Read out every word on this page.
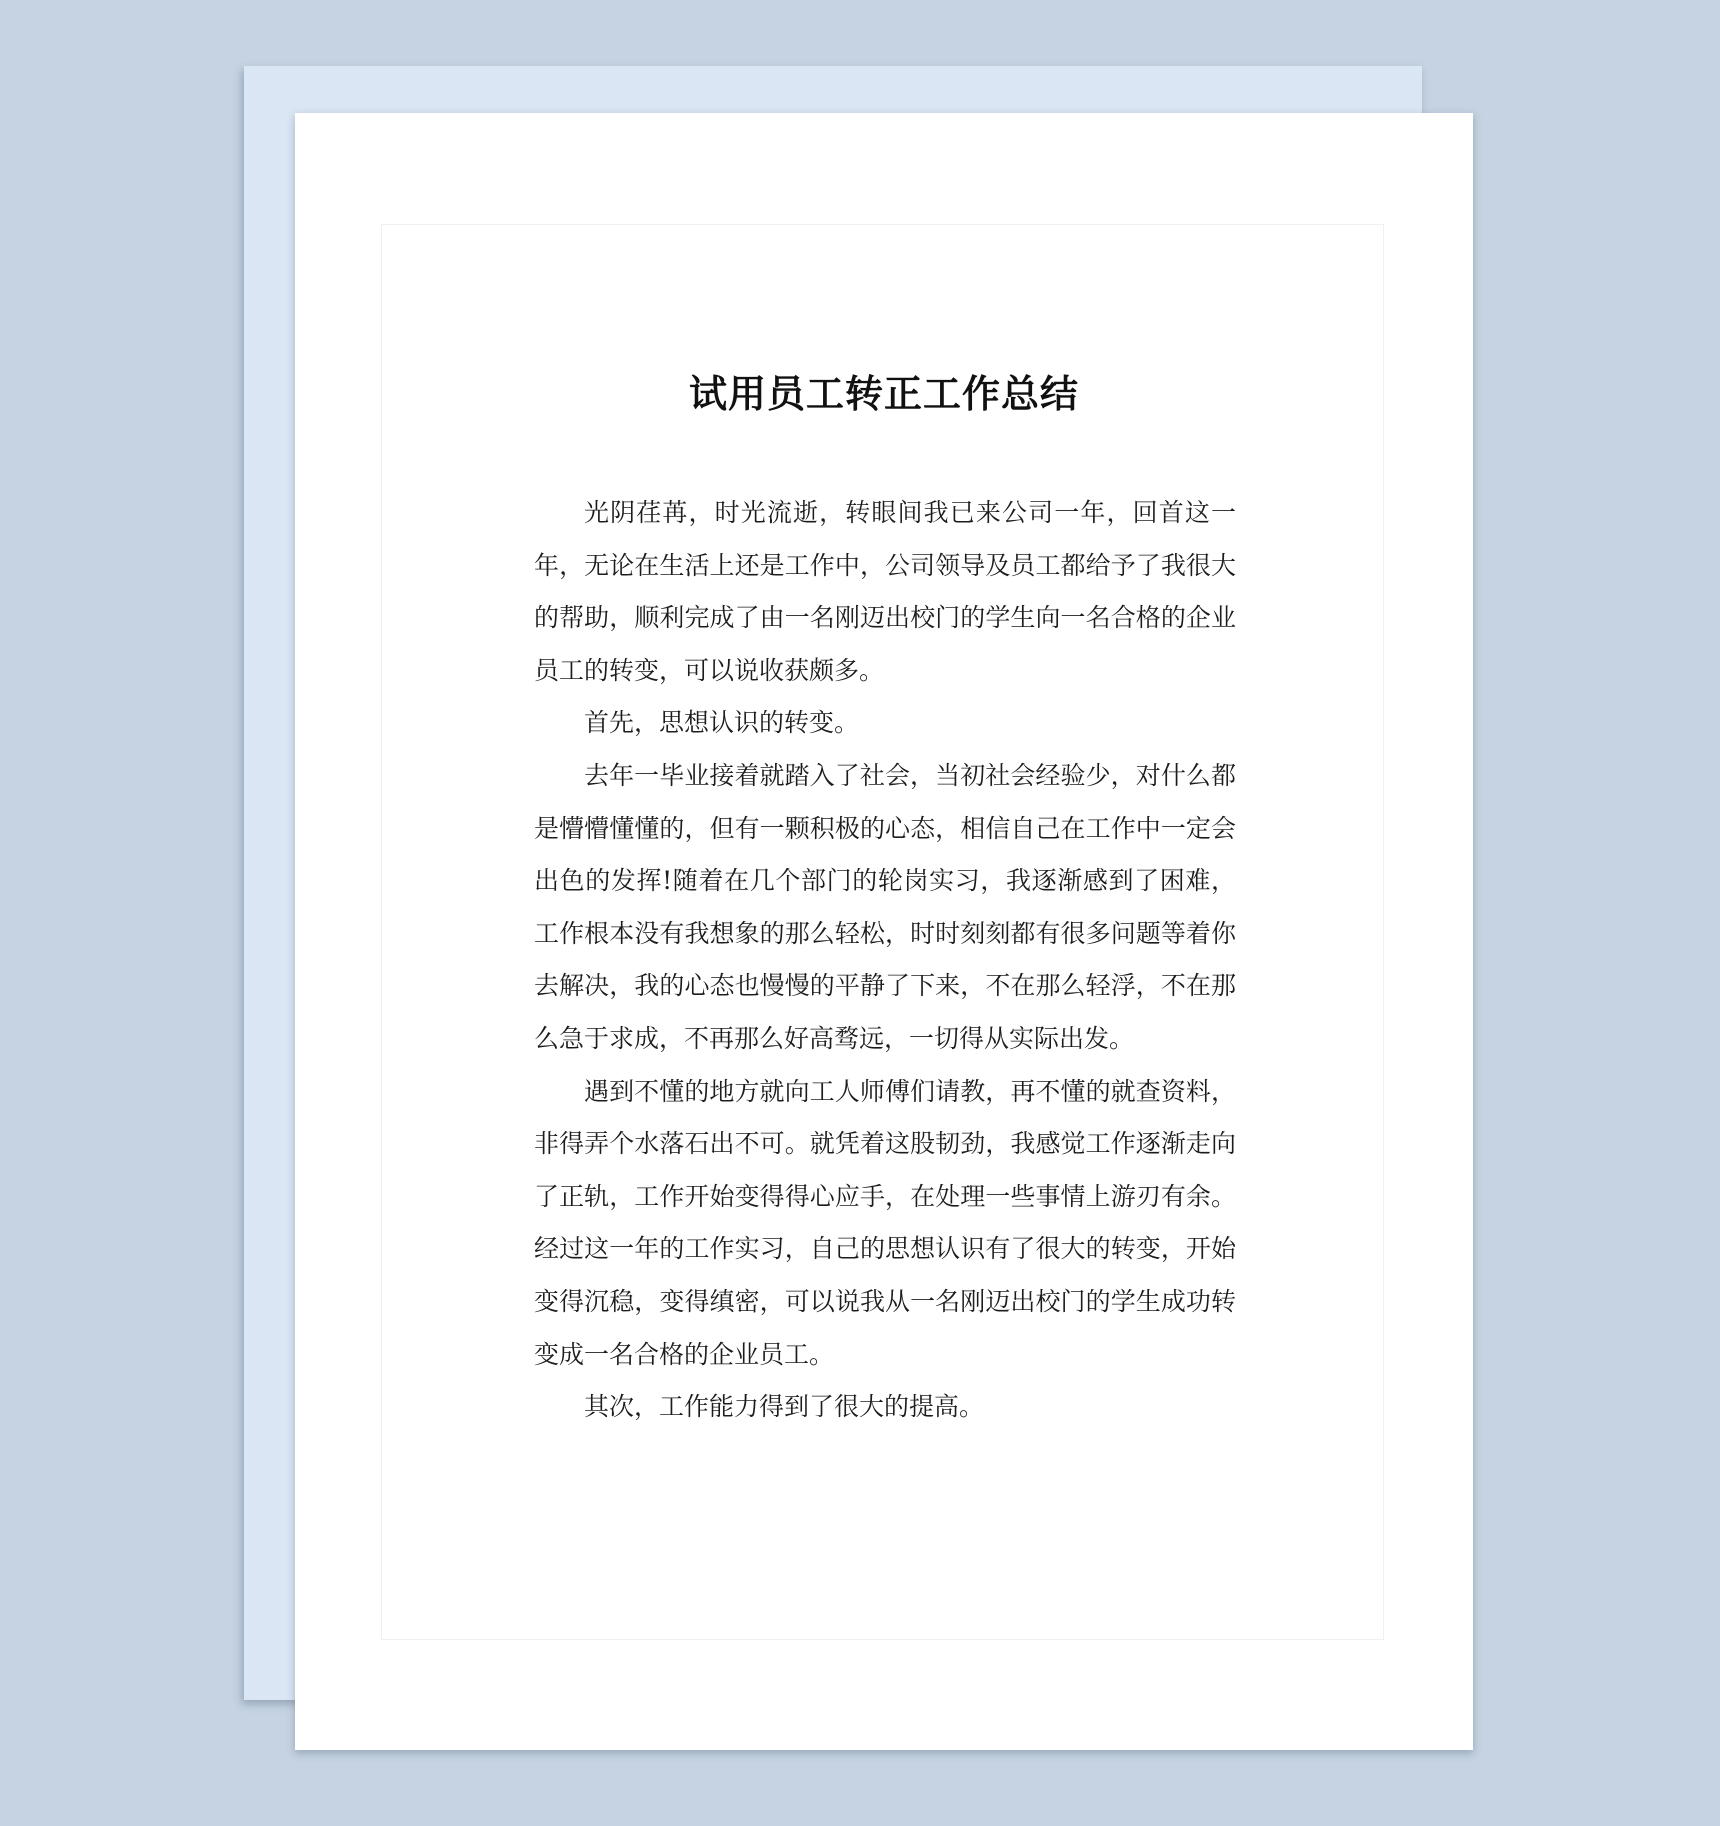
试用员工转正工作总结

光阴荏苒，时光流逝，转眼间我已来公司一年，回首这一年，无论在生活上还是工作中，公司领导及员工都给予了我很大的帮助，顺利完成了由一名刚迈出校门的学生向一名合格的企业员工的转变，可以说收获颇多。

首先，思想认识的转变。

去年一毕业接着就踏入了社会，当初社会经验少，对什么都是懵懵懂懂的，但有一颗积极的心态，相信自己在工作中一定会出色的发挥!随着在几个部门的轮岗实习，我逐渐感到了困难，工作根本没有我想象的那么轻松，时时刻刻都有很多问题等着你去解决，我的心态也慢慢的平静了下来，不在那么轻浮，不在那么急于求成，不再那么好高骛远，一切得从实际出发。

遇到不懂的地方就向工人师傅们请教，再不懂的就查资料，非得弄个水落石出不可。就凭着这股韧劲，我感觉工作逐渐走向了正轨，工作开始变得得心应手，在处理一些事情上游刃有余。经过这一年的工作实习，自己的思想认识有了很大的转变，开始变得沉稳，变得缜密，可以说我从一名刚迈出校门的学生成功转变成一名合格的企业员工。

其次，工作能力得到了很大的提高。
